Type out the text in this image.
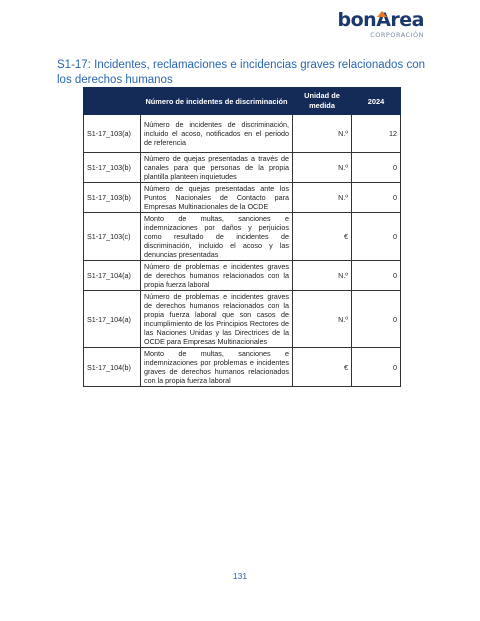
bon
Area
CORPORACIÓN
S1-17: Incidentes, reclamaciones e incidencias graves relacionados con los derechos humanos
	Número de incidentes de discriminación	Unidad de medida	2024
S1-17_103(a)	Número de incidentes de discriminación, incluido el acoso, notificados en el periodo de referencia	N.º	12
S1-17_103(b)	Número de quejas presentadas a través de canales para que personas de la propia plantilla planteen inquietudes	N.º	0
S1-17_103(b)	Número de quejas presentadas ante los Puntos Nacionales de Contacto para Empresas Multinacionales de la OCDE	N.º	0
S1-17_103(c)	Monto de multas, sanciones e indemnizaciones por daños y perjuicios como resultado de incidentes de discriminación, incluido el acoso y las denuncias presentadas	€	0
S1-17_104(a)	Número de problemas e incidentes graves de derechos humanos relacionados con la propia fuerza laboral	N.º	0
S1-17_104(a)	Número de problemas e incidentes graves de derechos humanos relacionados con la propia fuerza laboral que son casos de incumplimiento de los Principios Rectores de las Naciones Unidas y las Directrices de la OCDE para Empresas Multinacionales	N.º	0
S1-17_104(b)	Monto de multas, sanciones e indemnizaciones por problemas e incidentes graves de derechos humanos relacionados con la propia fuerza laboral	€	0
131
